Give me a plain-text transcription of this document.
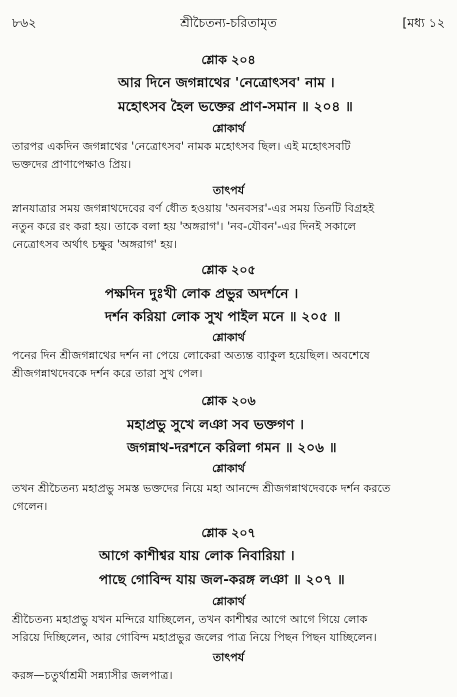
৮৬২	শ্রীচৈতন্য-চরিতামৃত	[মধ্য ১২
শ্লোক ২০৪
আর দিনে জগন্নাথের 'নেত্রোৎসব' নাম ।
মহোৎসব হৈল ভক্তের প্রাণ-সমান ॥ ২০৪ ॥
শ্লোকার্থ
তারপর একদিন জগন্নাথের 'নেত্রোৎসব' নামক মহোৎসব ছিল। এই মহোৎসবটি
ভক্তদের প্রাণাপেক্ষাও প্রিয়।
তাৎপর্য
স্নানযাত্রার সময় জগন্নাথদেবের বর্ণ ধৌত হওয়ায় 'অনবসর'-এর সময় তিনটি বিগ্রহই
নতুন করে রং করা হয়। তাকে বলা হয় 'অঙ্গরাগ'। 'নব-যৌবন'-এর দিনই সকালে
নেত্রোৎসব অর্থাৎ চক্ষুর 'অঙ্গরাগ' হয়।
শ্লোক ২০৫
পক্ষদিন দুঃখী লোক প্রভুর অদর্শনে ।
দর্শন করিয়া লোক সুখ পাইল মনে ॥ ২০৫ ॥
শ্লোকার্থ
পনের দিন শ্রীজগন্নাথের দর্শন না পেয়ে লোকেরা অত্যন্ত ব্যাকুল হয়েছিল। অবশেষে
শ্রীজগন্নাথদেবকে দর্শন করে তারা সুখ পেল।
শ্লোক ২০৬
মহাপ্রভু সুখে লঞা সব ভক্তগণ ।
জগন্নাথ-দরশনে করিলা গমন ॥ ২০৬ ॥
শ্লোকার্থ
তখন শ্রীচৈতন্য মহাপ্রভু সমস্ত ভক্তদের নিয়ে মহা আনন্দে শ্রীজগন্নাথদেবকে দর্শন করতে
গেলেন।
শ্লোক ২০৭
আগে কাশীশ্বর যায় লোক নিবারিয়া ।
পাছে গোবিন্দ যায় জল-করঙ্গ লঞা ॥ ২০৭ ॥
শ্লোকার্থ
শ্রীচৈতন্য মহাপ্রভু যখন মন্দিরে যাচ্ছিলেন, তখন কাশীশ্বর আগে আগে গিয়ে লোক
সরিয়ে দিচ্ছিলেন, আর গোবিন্দ মহাপ্রভুর জলের পাত্র নিয়ে পিছন পিছন যাচ্ছিলেন।
তাৎপর্য
করঙ্গ—চতুর্থাশ্রমী সন্ন্যাসীর জলপাত্র।
